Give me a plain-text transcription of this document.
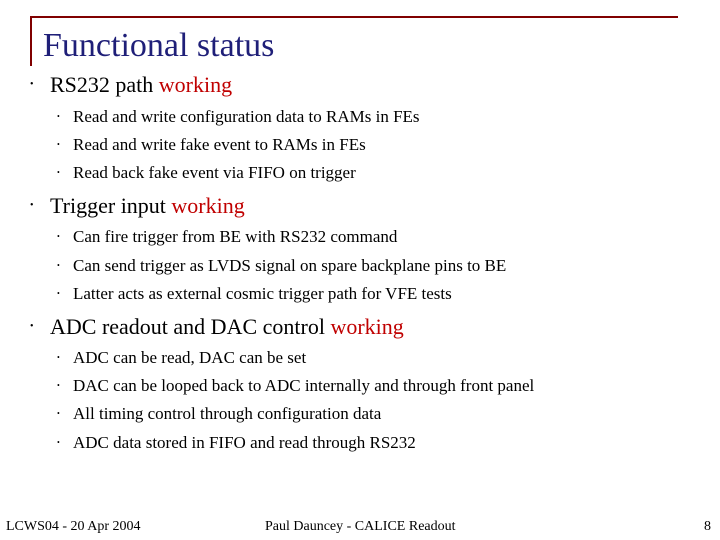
Functional status
• RS232 path working
• Read and write configuration data to RAMs in FEs
• Read and write fake event to RAMs in FEs
• Read back fake event via FIFO on trigger
• Trigger input working
• Can fire trigger from BE with RS232 command
• Can send trigger as LVDS signal on spare backplane pins to BE
• Latter acts as external cosmic trigger path for VFE tests
• ADC readout and DAC control working
• ADC can be read, DAC can be set
• DAC can be looped back to ADC internally and through front panel
• All timing control through configuration data
• ADC data stored in FIFO and read through RS232
LCWS04 - 20 Apr 2004	Paul Dauncey - CALICE Readout	8
